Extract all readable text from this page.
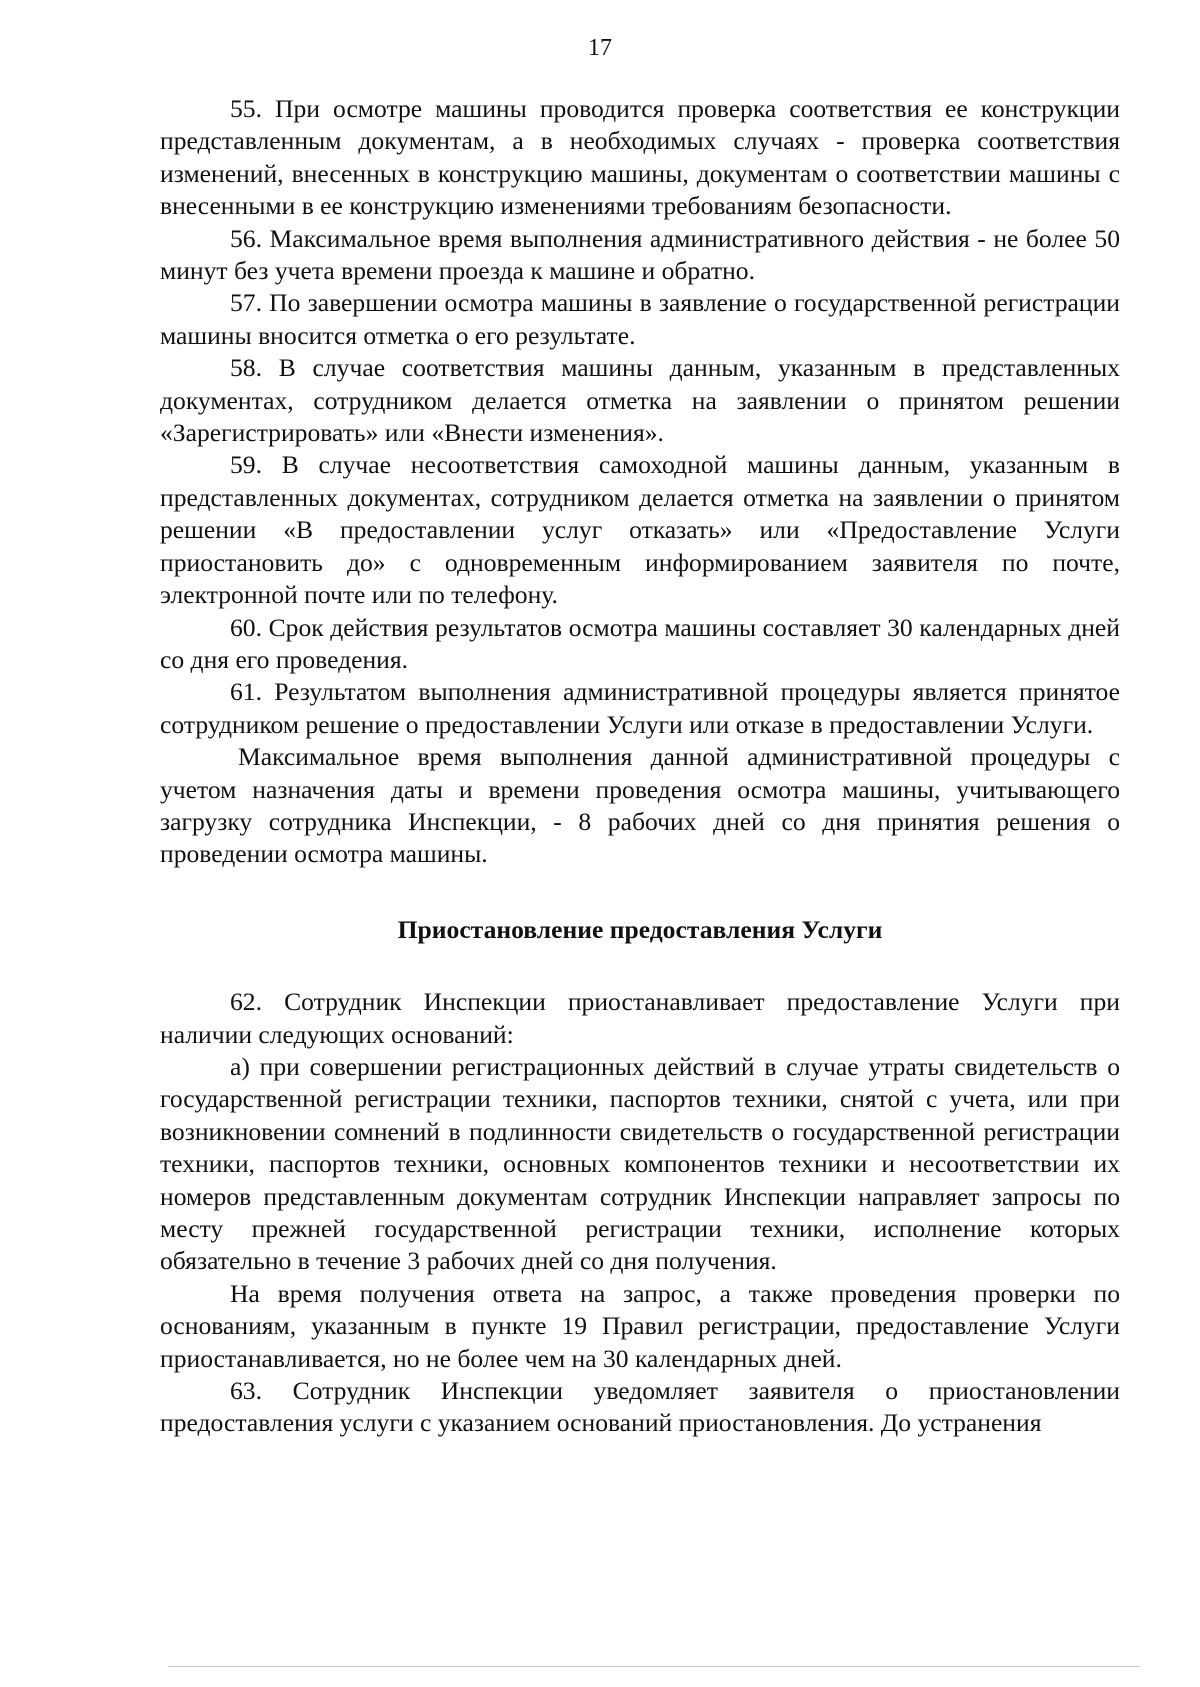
17

55. При осмотре машины проводится проверка соответствия ее конструкции представленным документам, а в необходимых случаях - проверка соответствия изменений, внесенных в конструкцию машины, документам о соответствии машины с внесенными в ее конструкцию изменениями требованиям безопасности.

56. Максимальное время выполнения административного действия - не более 50 минут без учета времени проезда к машине и обратно.

57. По завершении осмотра машины в заявление о государственной регистрации машины вносится отметка о его результате.

58. В случае соответствия машины данным, указанным в представленных документах, сотрудником делается отметка на заявлении о принятом решении «Зарегистрировать» или «Внести изменения».

59. В случае несоответствия самоходной машины данным, указанным в представленных документах, сотрудником делается отметка на заявлении о принятом решении «В предоставлении услуг отказать» или «Предоставление Услуги приостановить до» с одновременным информированием заявителя по почте, электронной почте или по телефону.

60. Срок действия результатов осмотра машины составляет 30 календарных дней со дня его проведения.

61. Результатом выполнения административной процедуры является принятое сотрудником решение о предоставлении Услуги или отказе в предоставлении Услуги.

Максимальное время выполнения данной административной процедуры с учетом назначения даты и времени проведения осмотра машины, учитывающего загрузку сотрудника Инспекции, - 8 рабочих дней со дня принятия решения о проведении осмотра машины.

Приостановление предоставления Услуги

62. Сотрудник Инспекции приостанавливает предоставление Услуги при наличии следующих оснований:

а) при совершении регистрационных действий в случае утраты свидетельств о государственной регистрации техники, паспортов техники, снятой с учета, или при возникновении сомнений в подлинности свидетельств о государственной регистрации техники, паспортов техники, основных компонентов техники и несоответствии их номеров представленным документам сотрудник Инспекции направляет запросы по месту прежней государственной регистрации техники, исполнение которых обязательно в течение 3 рабочих дней со дня получения.

На время получения ответа на запрос, а также проведения проверки по основаниям, указанным в пункте 19 Правил регистрации, предоставление Услуги приостанавливается, но не более чем на 30 календарных дней.

63. Сотрудник Инспекции уведомляет заявителя о приостановлении предоставления услуги с указанием оснований приостановления. До устранения
